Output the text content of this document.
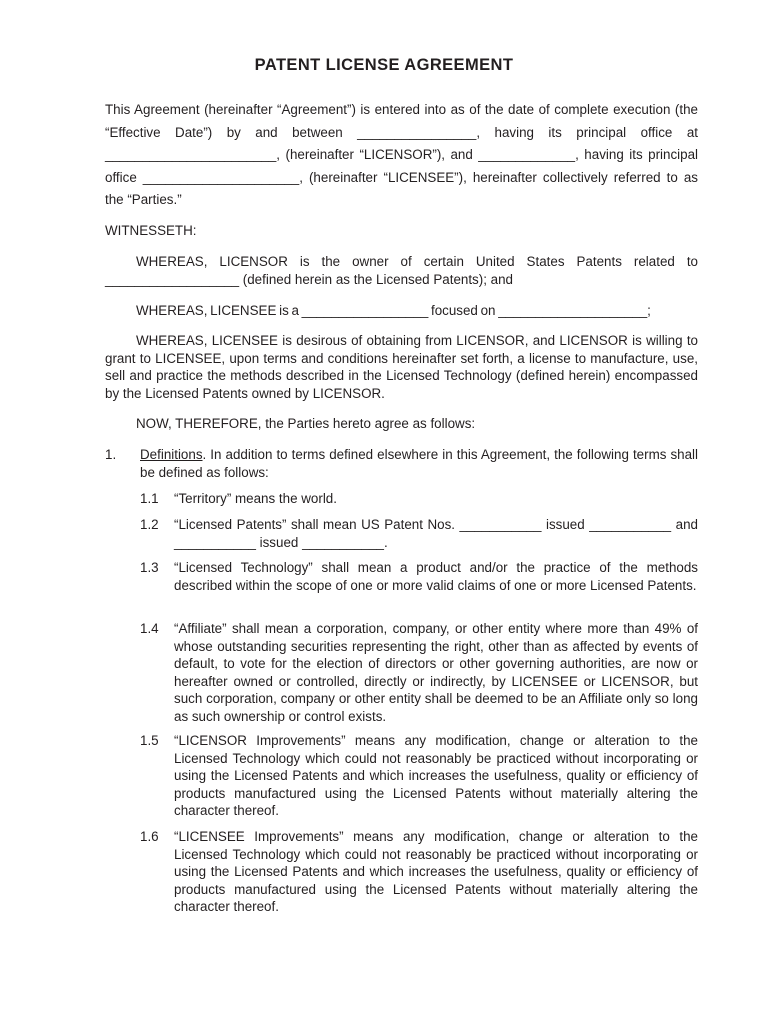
PATENT LICENSE AGREEMENT
This Agreement (hereinafter “Agreement”) is entered into as of the date of complete execution (the “Effective Date”) by and between ________________, having its principal office at _______________________, (hereinafter “LICENSOR”), and _____________, having its principal office _____________________, (hereinafter “LICENSEE”), hereinafter collectively referred to as the “Parties.”
WITNESSETH:
WHEREAS, LICENSOR is the owner of certain United States Patents related to __________________ (defined herein as the Licensed Patents); and
WHEREAS, LICENSEE is a _________________ focused on ____________________;
WHEREAS, LICENSEE is desirous of obtaining from LICENSOR, and LICENSOR is willing to grant to LICENSEE, upon terms and conditions hereinafter set forth, a license to manufacture, use, sell and practice the methods described in the Licensed Technology (defined herein) encompassed by the Licensed Patents owned by LICENSOR.
NOW, THEREFORE, the Parties hereto agree as follows:
1. Definitions. In addition to terms defined elsewhere in this Agreement, the following terms shall be defined as follows:
1.1 “Territory” means the world.
1.2 “Licensed Patents” shall mean US Patent Nos. ___________ issued ___________ and ___________ issued ___________.
1.3 “Licensed Technology” shall mean a product and/or the practice of the methods described within the scope of one or more valid claims of one or more Licensed Patents.
1.4 “Affiliate” shall mean a corporation, company, or other entity where more than 49% of whose outstanding securities representing the right, other than as affected by events of default, to vote for the election of directors or other governing authorities, are now or hereafter owned or controlled, directly or indirectly, by LICENSEE or LICENSOR, but such corporation, company or other entity shall be deemed to be an Affiliate only so long as such ownership or control exists.
1.5 “LICENSOR Improvements” means any modification, change or alteration to the Licensed Technology which could not reasonably be practiced without incorporating or using the Licensed Patents and which increases the usefulness, quality or efficiency of products manufactured using the Licensed Patents without materially altering the character thereof.
1.6 “LICENSEE Improvements” means any modification, change or alteration to the Licensed Technology which could not reasonably be practiced without incorporating or using the Licensed Patents and which increases the usefulness, quality or efficiency of products manufactured using the Licensed Patents without materially altering the character thereof.
